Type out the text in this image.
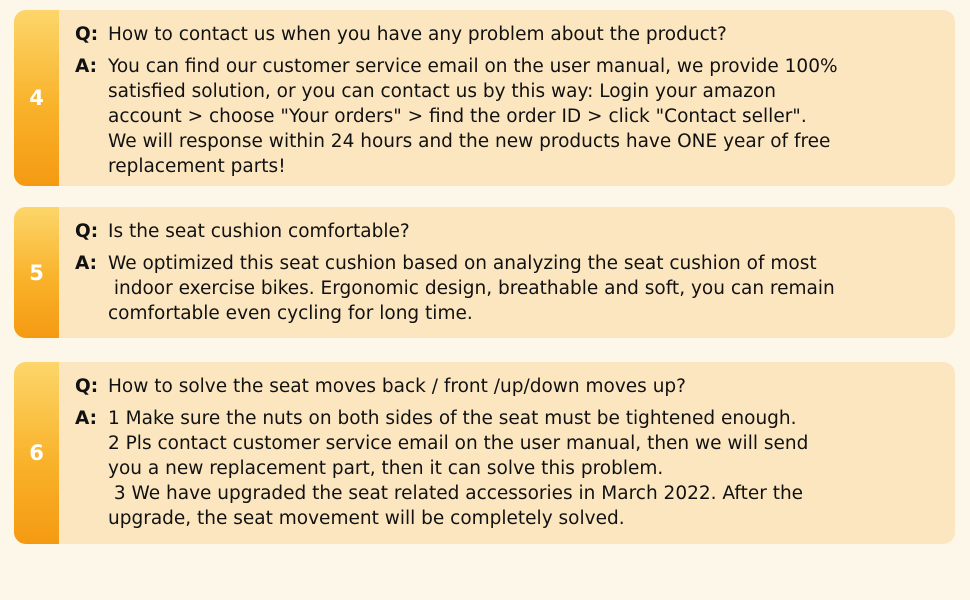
4
Q: How to contact us when you have any problem about the product?
A: You can find our customer service email on the user manual, we provide 100%
satisfied solution, or you can contact us by this way: Login your amazon
account > choose "Your orders" > find the order ID > click "Contact seller".
We will response within 24 hours and the new products have ONE year of free
replacement parts!
5
Q: Is the seat cushion comfortable?
A: We optimized this seat cushion based on analyzing the seat cushion of most
indoor exercise bikes. Ergonomic design, breathable and soft, you can remain
comfortable even cycling for long time.
6
Q: How to solve the seat moves back / front /up/down moves up?
A: 1 Make sure the nuts on both sides of the seat must be tightened enough.
2 Pls contact customer service email on the user manual, then we will send
you a new replacement part, then it can solve this problem.
3 We have upgraded the seat related accessories in March 2022. After the
upgrade, the seat movement will be completely solved.
